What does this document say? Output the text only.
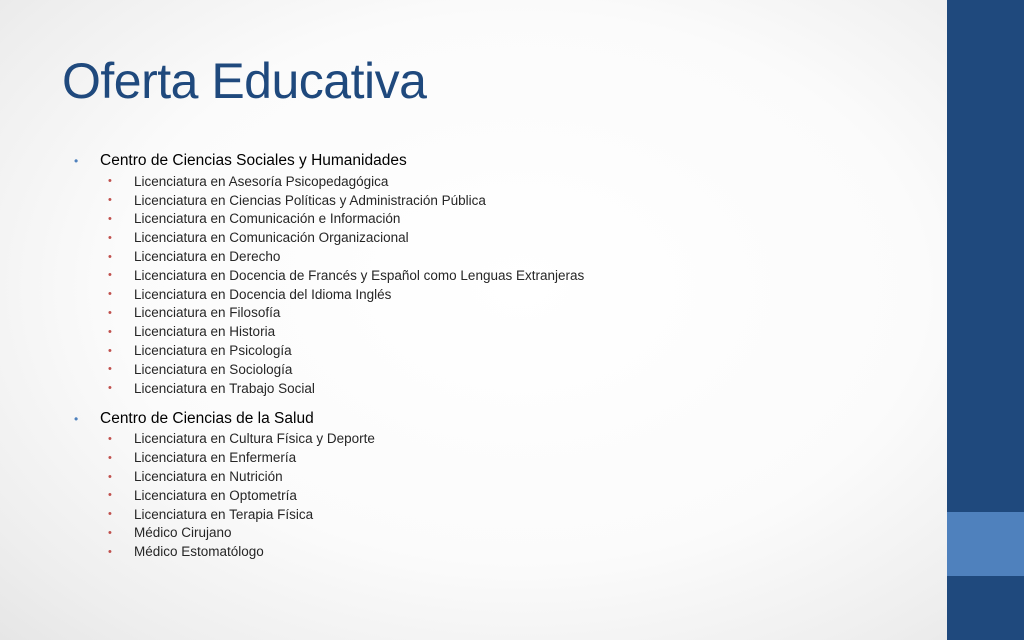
Oferta Educativa
•	Centro de Ciencias Sociales y Humanidades
•	Licenciatura en Asesoría Psicopedagógica
•	Licenciatura en Ciencias Políticas y Administración Pública
•	Licenciatura en Comunicación e Información
•	Licenciatura en Comunicación Organizacional
•	Licenciatura en Derecho
•	Licenciatura en Docencia de Francés y Español como Lenguas Extranjeras
•	Licenciatura en Docencia del Idioma Inglés
•	Licenciatura en Filosofía
•	Licenciatura en Historia
•	Licenciatura en Psicología
•	Licenciatura en Sociología
•	Licenciatura en Trabajo Social
•	Centro de Ciencias de la Salud
•	Licenciatura en Cultura Física y Deporte
•	Licenciatura en Enfermería
•	Licenciatura en Nutrición
•	Licenciatura en Optometría
•	Licenciatura en Terapia Física
•	Médico Cirujano
•	Médico Estomatólogo
